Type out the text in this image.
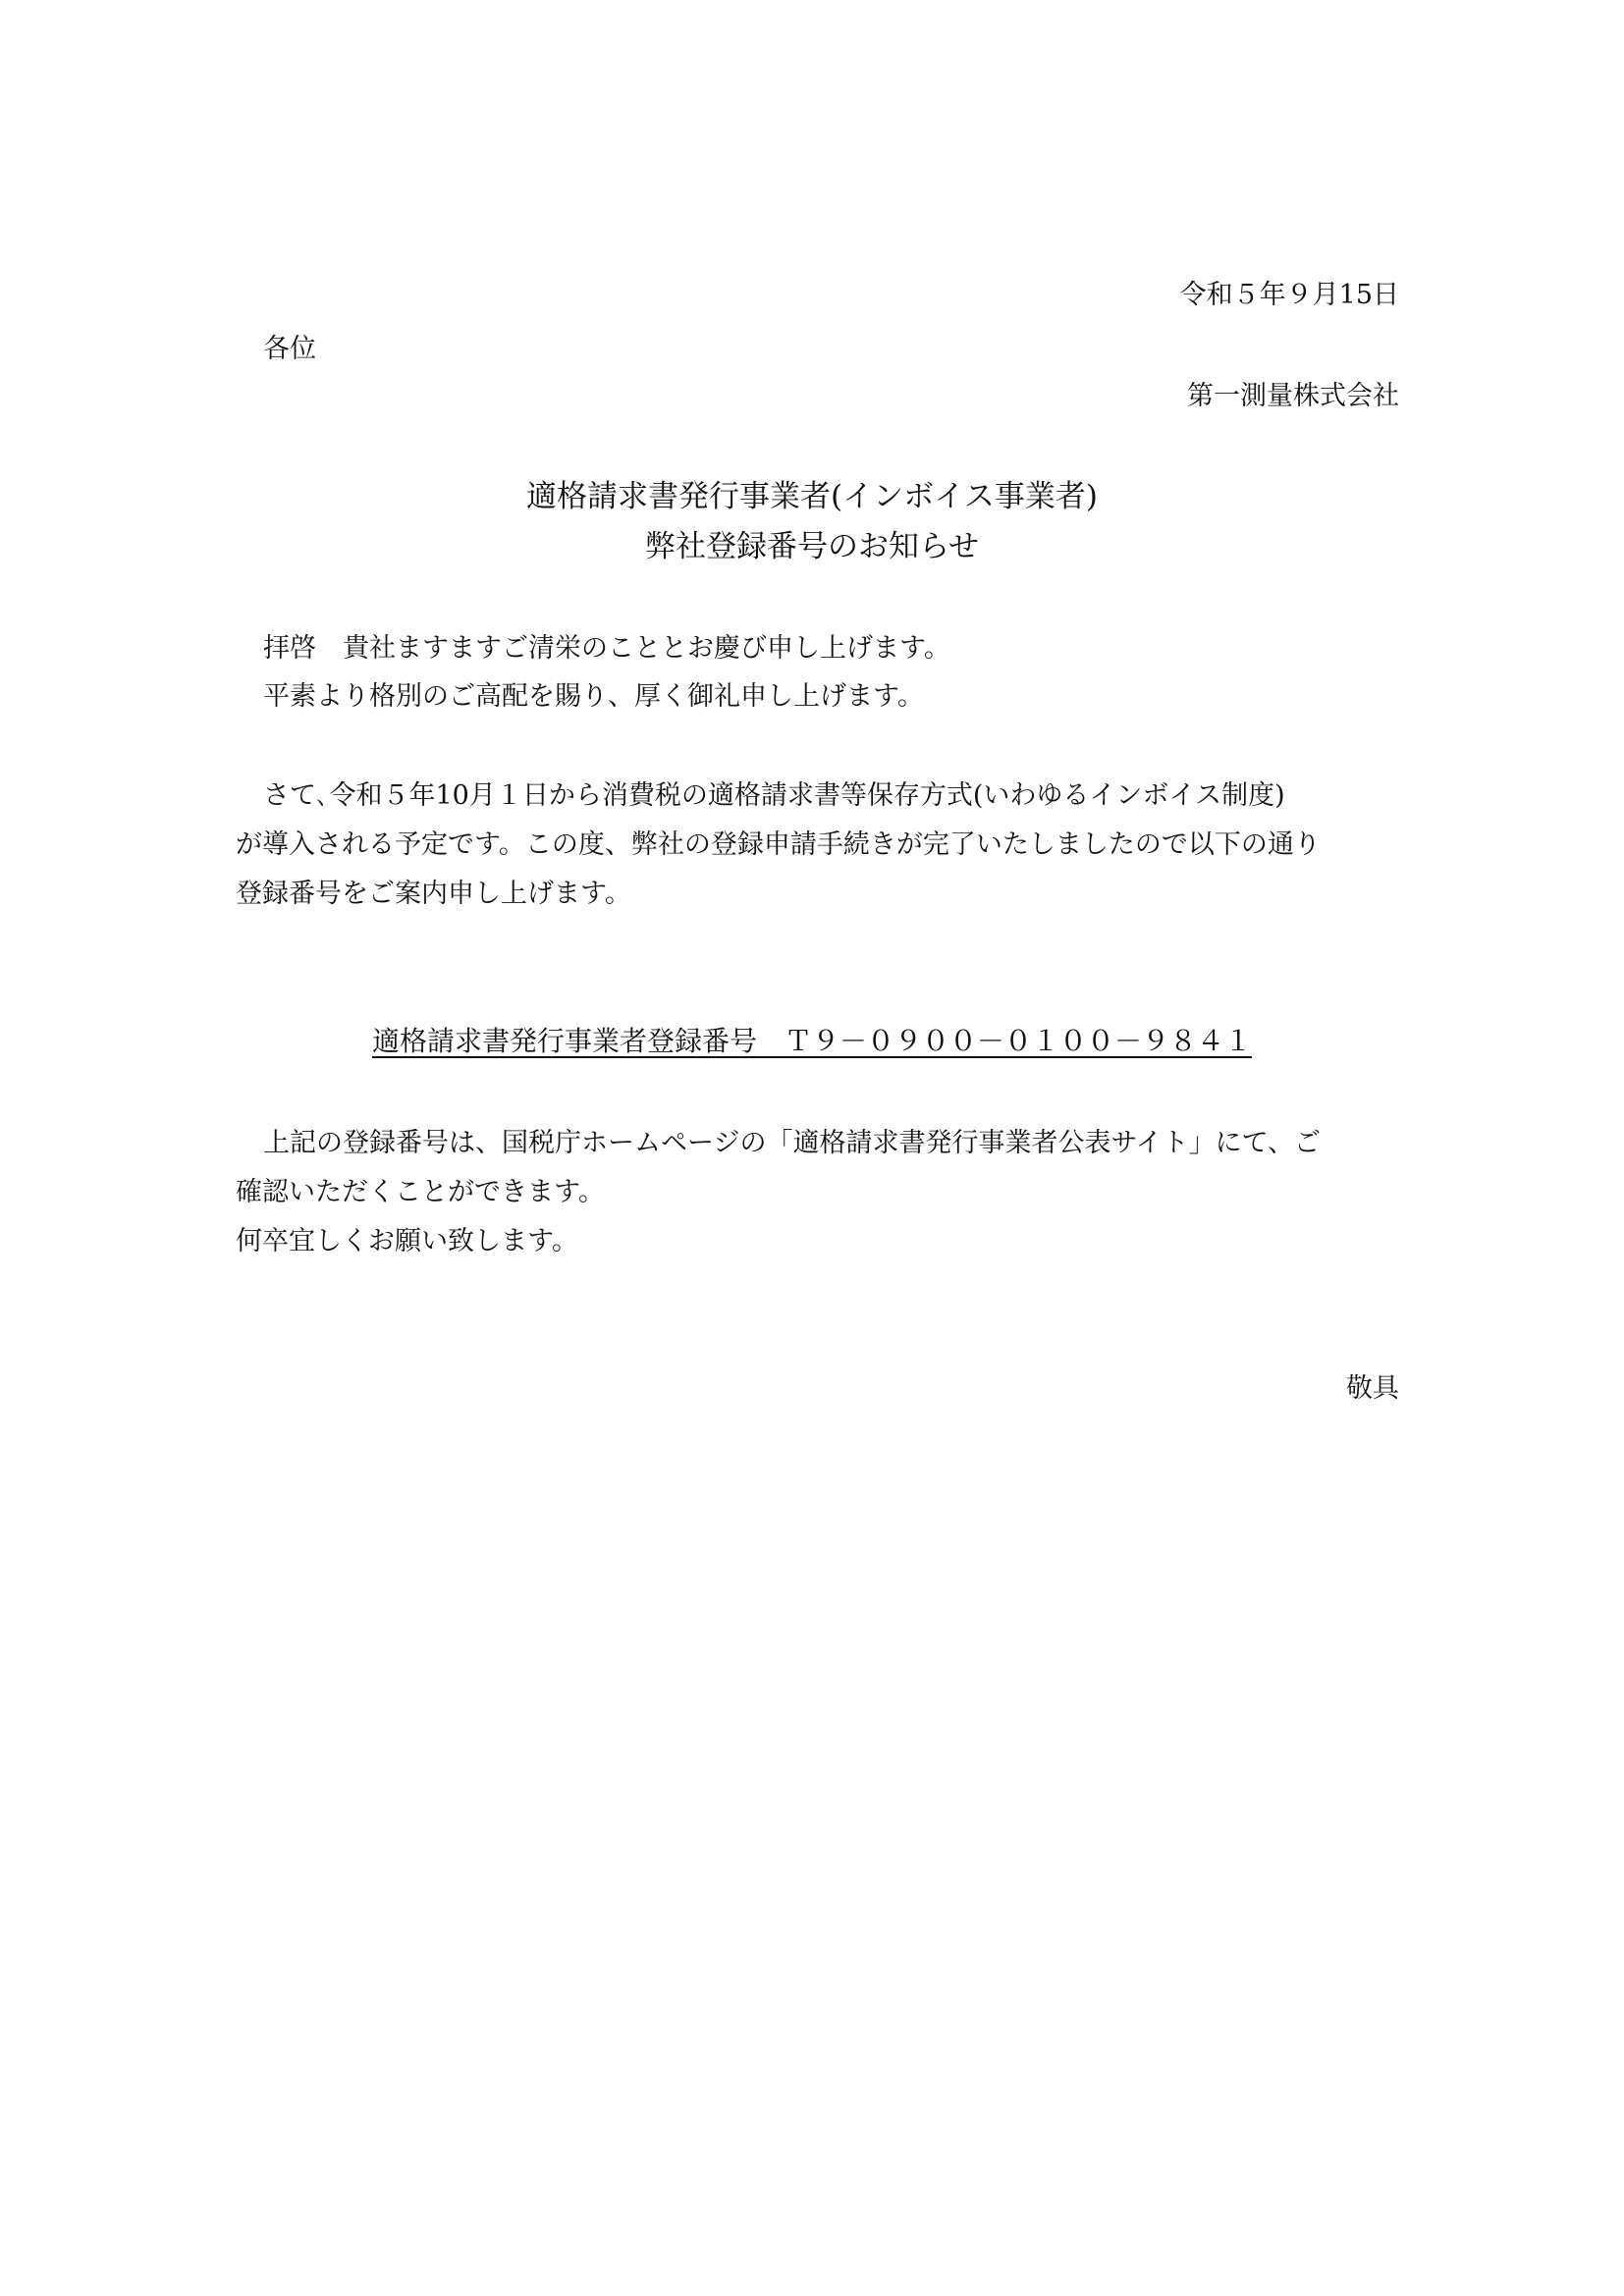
令和５年９月15日
各位
第一測量株式会社
適格請求書発行事業者(インボイス事業者)
弊社登録番号のお知らせ
拝啓　貴社ますますご清栄のこととお慶び申し上げます。
平素より格別のご高配を賜り、厚く御礼申し上げます。
さて､令和５年10月１日から消費税の適格請求書等保存方式(いわゆるインボイス制度)
が導入される予定です。この度、弊社の登録申請手続きが完了いたしましたので以下の通り
登録番号をご案内申し上げます。
適格請求書発行事業者登録番号　Ｔ９－０９００－０１００－９８４１
上記の登録番号は、国税庁ホームページの「適格請求書発行事業者公表サイト」にて、ご
確認いただくことができます。
何卒宜しくお願い致します。
敬具
